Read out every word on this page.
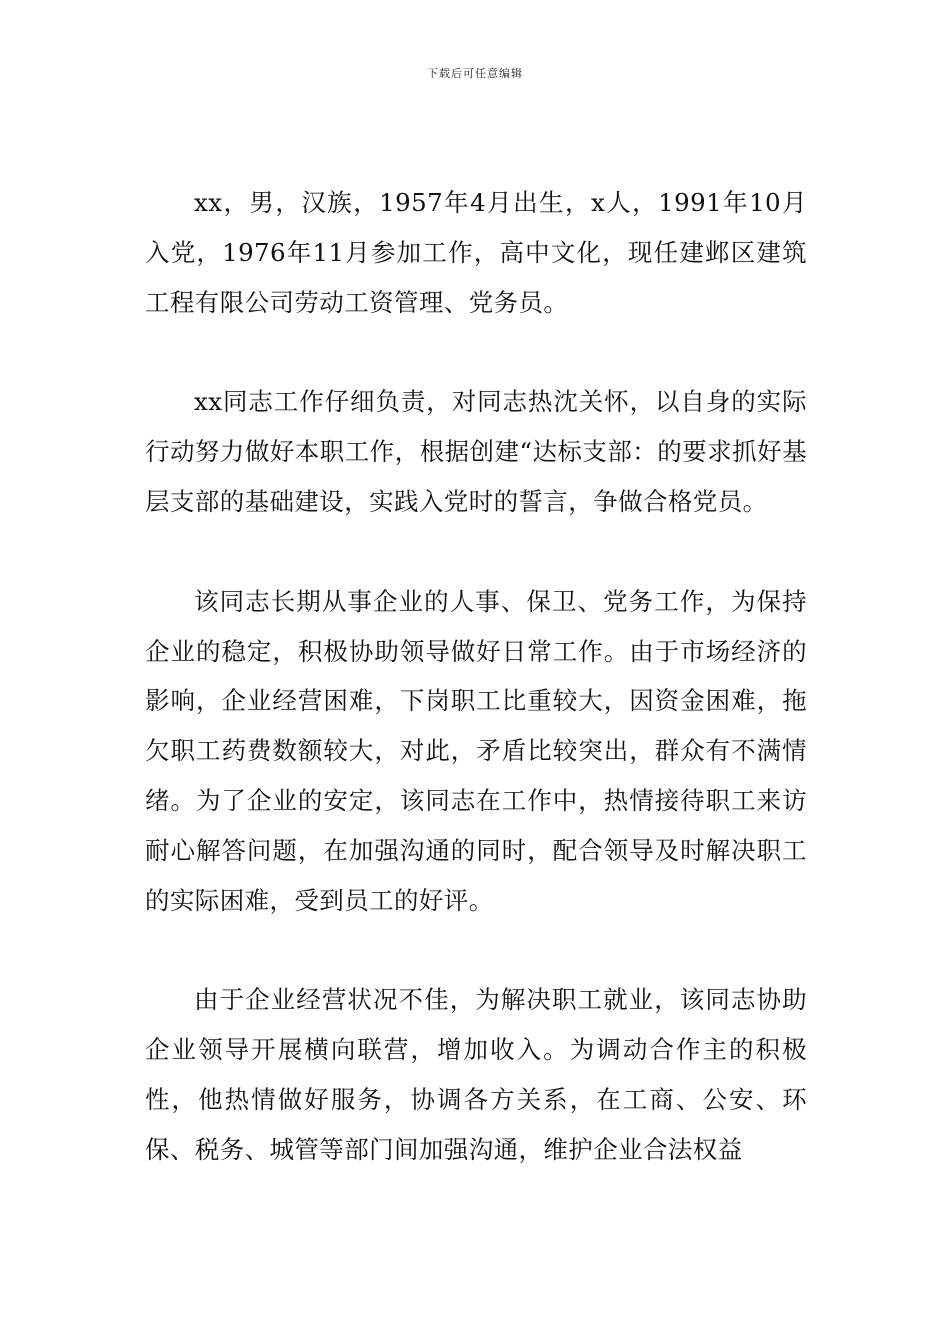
下载后可任意编辑

xx，男，汉族，1957年4月出生，x人，1991年10月入党，1976年11月参加工作，高中文化，现任建邺区建筑工程有限公司劳动工资管理、党务员。

xx同志工作仔细负责，对同志热沈关怀，以自身的实际行动努力做好本职工作，根据创建“达标支部：的要求抓好基层支部的基础建设，实践入党时的誓言，争做合格党员。

该同志长期从事企业的人事、保卫、党务工作，为保持企业的稳定，积极协助领导做好日常工作。由于市场经济的影响，企业经营困难，下岗职工比重较大，因资金困难，拖欠职工药费数额较大，对此，矛盾比较突出，群众有不满情绪。为了企业的安定，该同志在工作中，热情接待职工来访耐心解答问题，在加强沟通的同时，配合领导及时解决职工的实际困难，受到员工的好评。

由于企业经营状况不佳，为解决职工就业，该同志协助企业领导开展横向联营，增加收入。为调动合作主的积极性，他热情做好服务，协调各方关系，在工商、公安、环保、税务、城管等部门间加强沟通，维护企业合法权益
